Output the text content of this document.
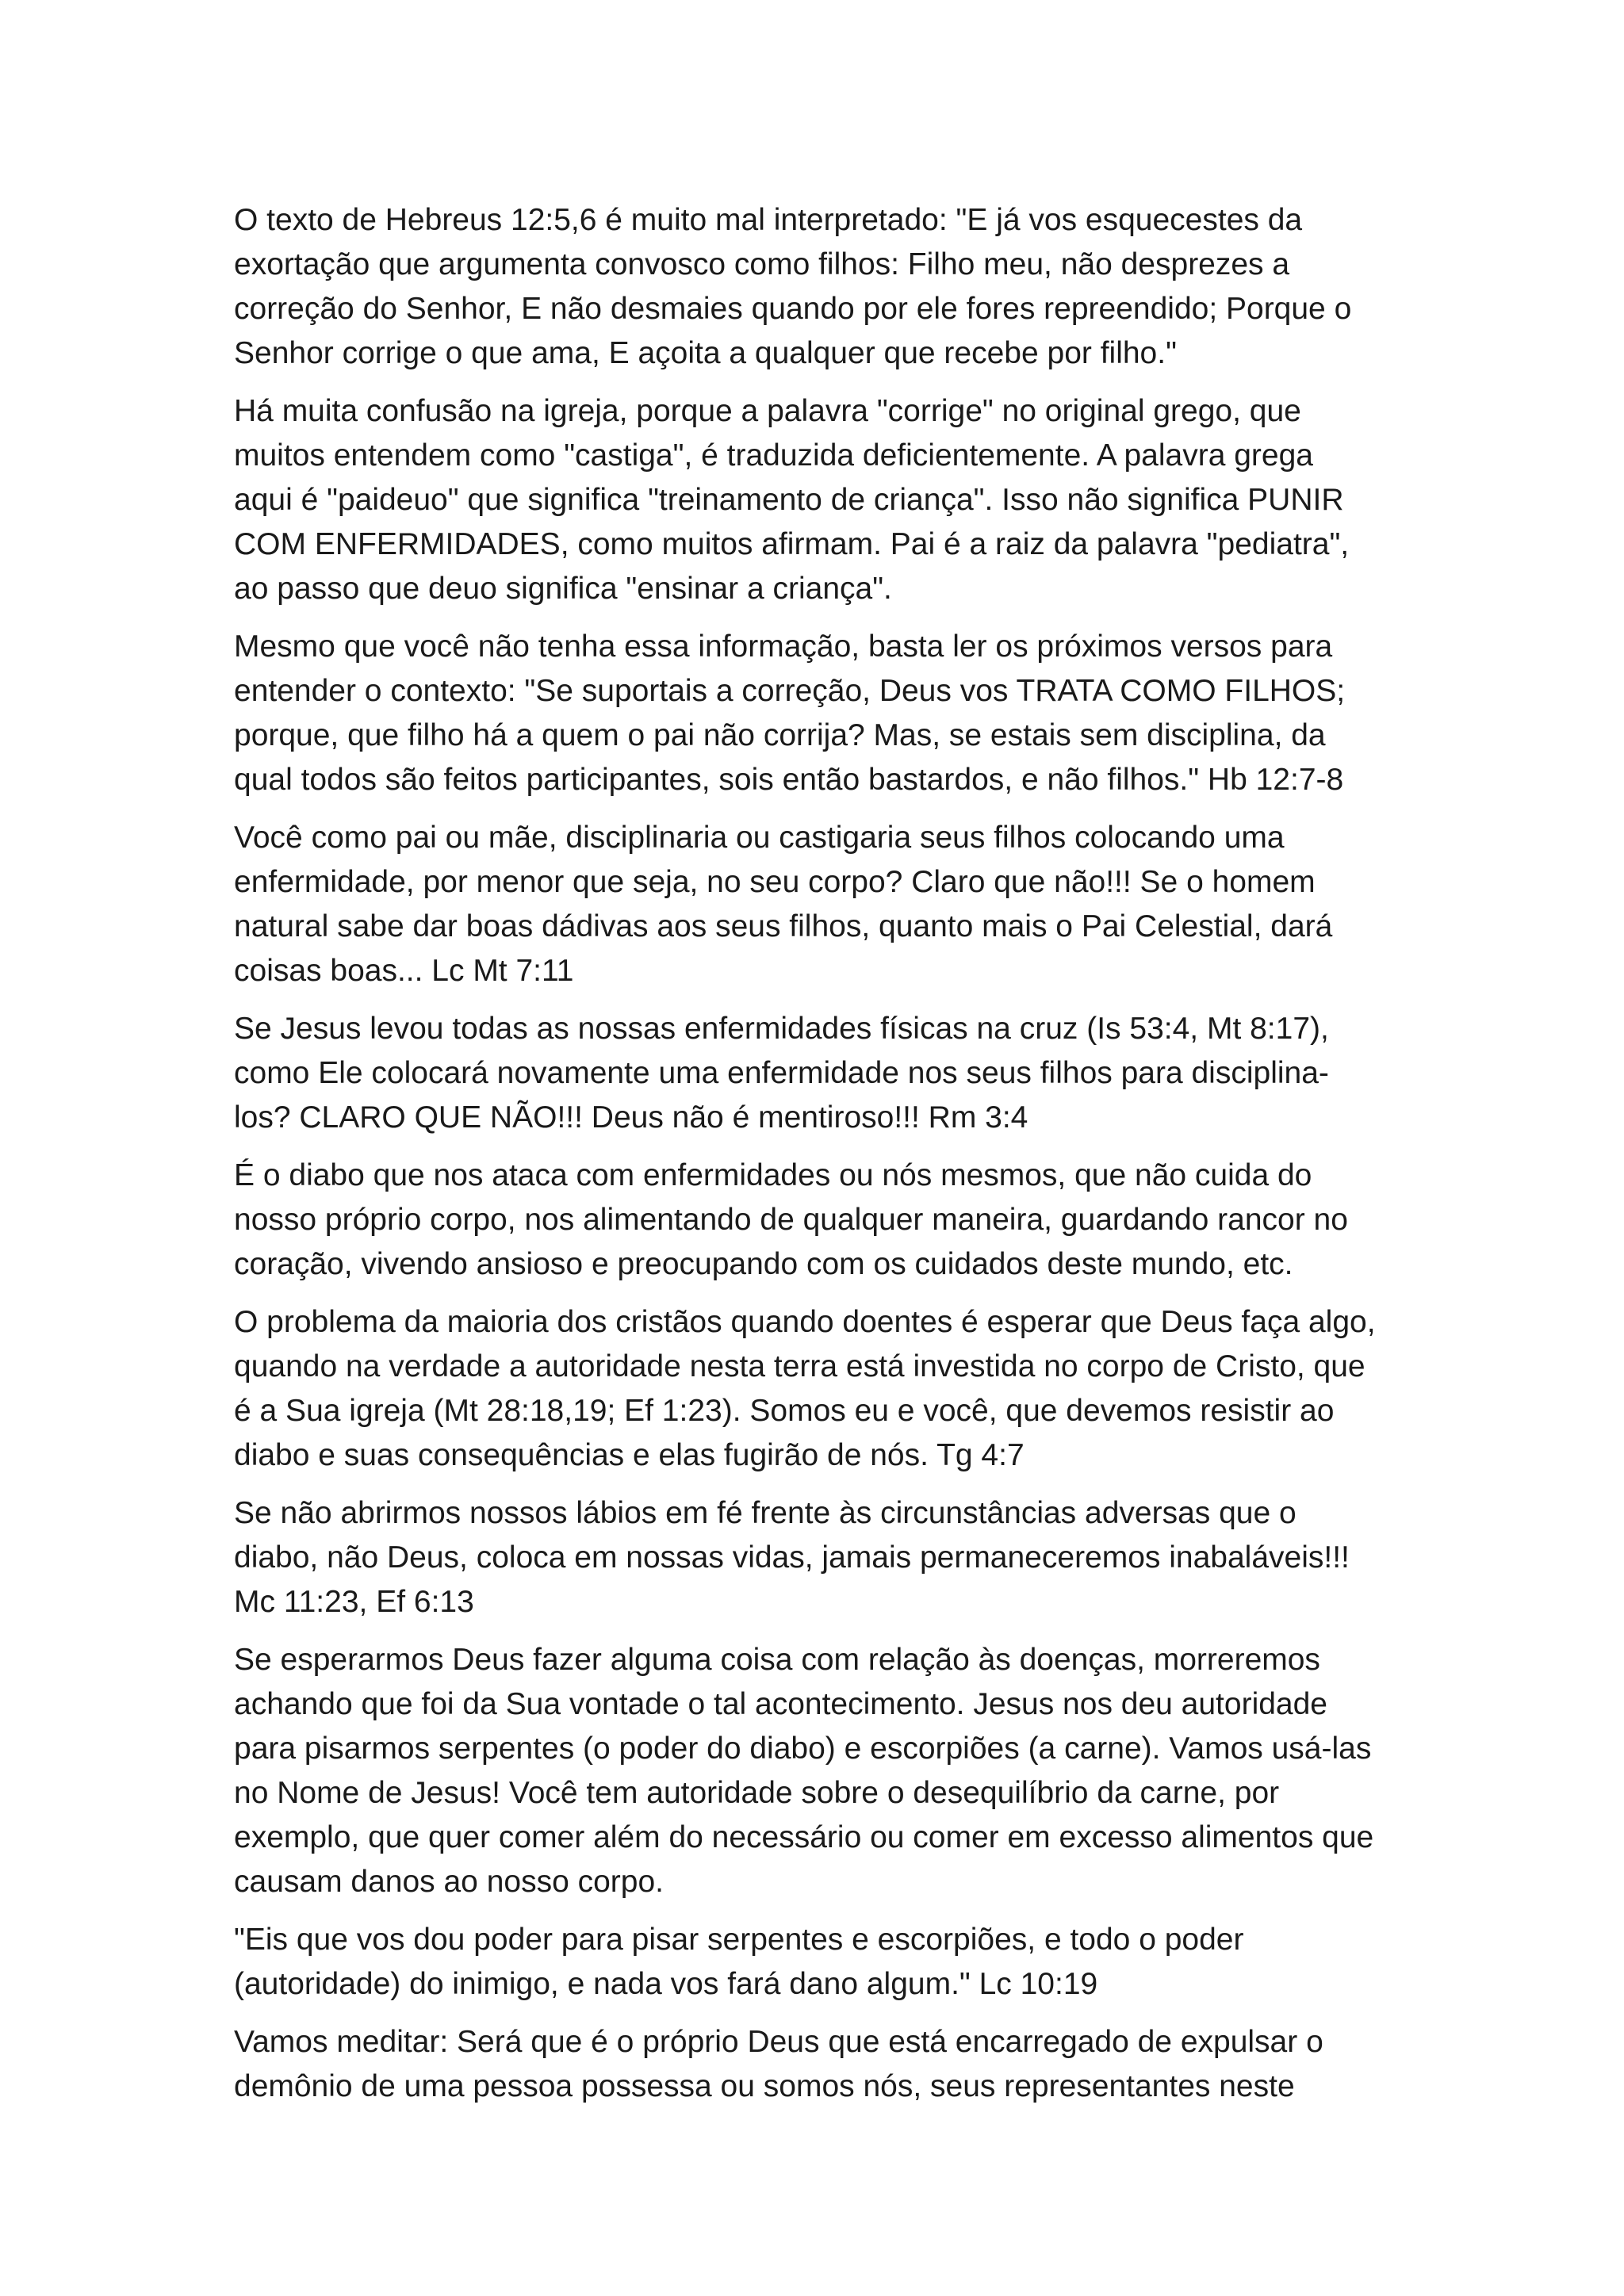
O texto de Hebreus 12:5,6 é muito mal interpretado: "E já vos esquecestes da
exortação que argumenta convosco como filhos: Filho meu, não desprezes a
correção do Senhor, E não desmaies quando por ele fores repreendido; Porque o
Senhor corrige o que ama, E açoita a qualquer que recebe por filho."

Há muita confusão na igreja, porque a palavra "corrige" no original grego, que
muitos entendem como "castiga", é traduzida deficientemente. A palavra grega
aqui é "paideuo" que significa "treinamento de criança". Isso não significa PUNIR
COM ENFERMIDADES, como muitos afirmam. Pai é a raiz da palavra "pediatra",
ao passo que deuo significa "ensinar a criança".

Mesmo que você não tenha essa informação, basta ler os próximos versos para
entender o contexto: "Se suportais a correção, Deus vos TRATA COMO FILHOS;
porque, que filho há a quem o pai não corrija? Mas, se estais sem disciplina, da
qual todos são feitos participantes, sois então bastardos, e não filhos." Hb 12:7-8

Você como pai ou mãe, disciplinaria ou castigaria seus filhos colocando uma
enfermidade, por menor que seja, no seu corpo? Claro que não!!! Se o homem
natural sabe dar boas dádivas aos seus filhos, quanto mais o Pai Celestial, dará
coisas boas... Lc Mt 7:11

Se Jesus levou todas as nossas enfermidades físicas na cruz (Is 53:4, Mt 8:17),
como Ele colocará novamente uma enfermidade nos seus filhos para disciplina-
los? CLARO QUE NÃO!!! Deus não é mentiroso!!! Rm 3:4

É o diabo que nos ataca com enfermidades ou nós mesmos, que não cuida do
nosso próprio corpo, nos alimentando de qualquer maneira, guardando rancor no
coração, vivendo ansioso e preocupando com os cuidados deste mundo, etc.

O problema da maioria dos cristãos quando doentes é esperar que Deus faça algo,
quando na verdade a autoridade nesta terra está investida no corpo de Cristo, que
é a Sua igreja (Mt 28:18,19; Ef 1:23). Somos eu e você, que devemos resistir ao
diabo e suas consequências e elas fugirão de nós. Tg 4:7

Se não abrirmos nossos lábios em fé frente às circunstâncias adversas que o
diabo, não Deus, coloca em nossas vidas, jamais permaneceremos inabaláveis!!!
Mc 11:23, Ef 6:13

Se esperarmos Deus fazer alguma coisa com relação às doenças, morreremos
achando que foi da Sua vontade o tal acontecimento. Jesus nos deu autoridade
para pisarmos serpentes (o poder do diabo) e escorpiões (a carne). Vamos usá-las
no Nome de Jesus! Você tem autoridade sobre o desequilíbrio da carne, por
exemplo, que quer comer além do necessário ou comer em excesso alimentos que
causam danos ao nosso corpo.

"Eis que vos dou poder para pisar serpentes e escorpiões, e todo o poder
(autoridade) do inimigo, e nada vos fará dano algum." Lc 10:19

Vamos meditar: Será que é o próprio Deus que está encarregado de expulsar o
demônio de uma pessoa possessa ou somos nós, seus representantes neste
